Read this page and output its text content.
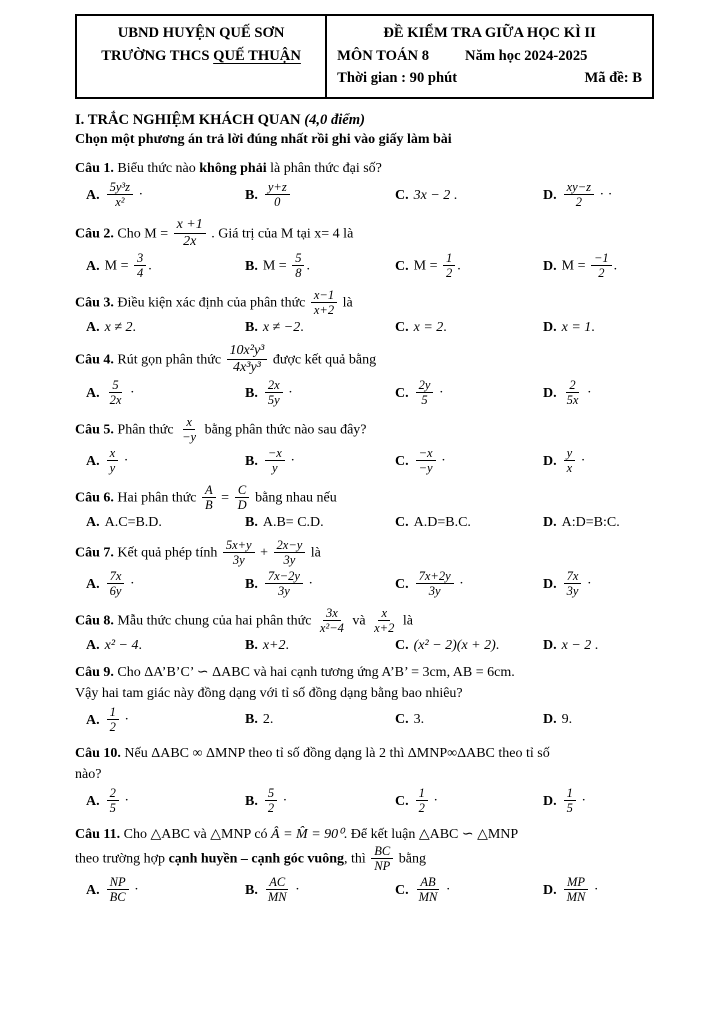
UBND HUYỆN QUẾ SƠN
TRƯỜNG THCS QUẾ THUẬN
ĐỀ KIỂM TRA GIỮA HỌC KÌ II
MÔN TOÁN 8 Năm học 2024-2025
Thời gian : 90 phút	Mã đề: B

I. TRẮC NGHIỆM KHÁCH QUAN (4,0 điểm)

Chọn một phương án trả lời đúng nhất rồi ghi vào giấy làm bài

Câu 1. Biểu thức nào không phải là phân thức đại số?

A. $\frac{\text{5y³z}}{\text{x²}}$ ·	B. $\frac{y+z}{0}$	C. 3x − 2 .	D. $\frac{xy-z}{2}$ · ·

Câu 2. Cho $M = \frac{x +1}{2x}$ . Giá trị của M tại x= 4 là

A. $M = \frac{3}{4}$ .	B. $M = \frac{5}{8}$ .	C. $M = \frac{1}{2}$ .	D. $M = \frac{-1}{2}$ .

Câu 3. Điều kiện xác định của phân thức $\frac{x-1}{x+2}$ là

A. x ≠ 2.	B. x ≠ −2.	C. x = 2.	D. x = 1.

Câu 4. Rút gọn phân thức $\frac{\text{10x²y³}}{\text{4x³y³}}$ được kết quả bằng

A. $\frac{5}{2x}$ ·	B. $\frac{2x}{5y}$ ·	C. $\frac{2y}{5}$ ·	D. $\frac{2}{5x}$ ·

Câu 5. Phân thức $\frac{x}{-y}$ bằng phân thức nào sau đây?

A. $\frac{x}{y}$ ·	B. $\frac{-x}{y}$ ·	C. $\frac{-x}{-y}$ ·	D. $\frac{y}{x}$ ·

Câu 6. Hai phân thức $\frac{A}{B} = \frac{C}{D}$ bằng nhau nếu

A. A.C=B.D.	B. A.B= C.D.	C. A.D=B.C.	D. A:D=B:C.

Câu 7. Kết quả phép tính $\frac{5x+y}{3y} + \frac{2x-y}{3y}$ là

A. $\frac{7x}{6y}$ ·	B. $\frac{7x-2y}{3y}$ ·	C. $\frac{7x+2y}{3y}$ ·	D. $\frac{7x}{3y}$ ·

Câu 8. Mẫu thức chung của hai phân thức $\frac{3x}{\text{x²−4}}$ và $\frac{x}{x+2}$ là

A. x² − 4.	B. x+2.	C. (x² − 2)(x + 2).	D. x − 2 .

Câu 9. Cho ΔA’B’C’ ∽ ΔABC và hai cạnh tương ứng A’B’ = 3cm, AB = 6cm.

Vậy hai tam giác này đồng dạng với tỉ số đồng dạng bằng bao nhiêu?

A. $\frac{1}{2}$ ·	B. 2.	C. 3.	D. 9.

Câu 10. Nếu ΔABC ∞ ΔMNP theo tỉ số đồng dạng là 2 thì ΔMNP∞ΔABC theo tỉ số

nào?

A. $\frac{2}{5}$ ·	B. $\frac{5}{2}$ ·	C. $\frac{1}{2}$ ·	D. $\frac{1}{5}$ ·

Câu 11. Cho △ABC và △MNP có Â = M̂ = 90⁰. Để kết luận △ABC ∽ △MNP

theo trường hợp cạnh huyền – cạnh góc vuông, thì $\frac{BC}{NP}$ bằng

A. $\frac{NP}{BC}$ ·	B. $\frac{AC}{MN}$ ·	C. $\frac{AB}{MN}$ ·	D. $\frac{MP}{MN}$ ·
